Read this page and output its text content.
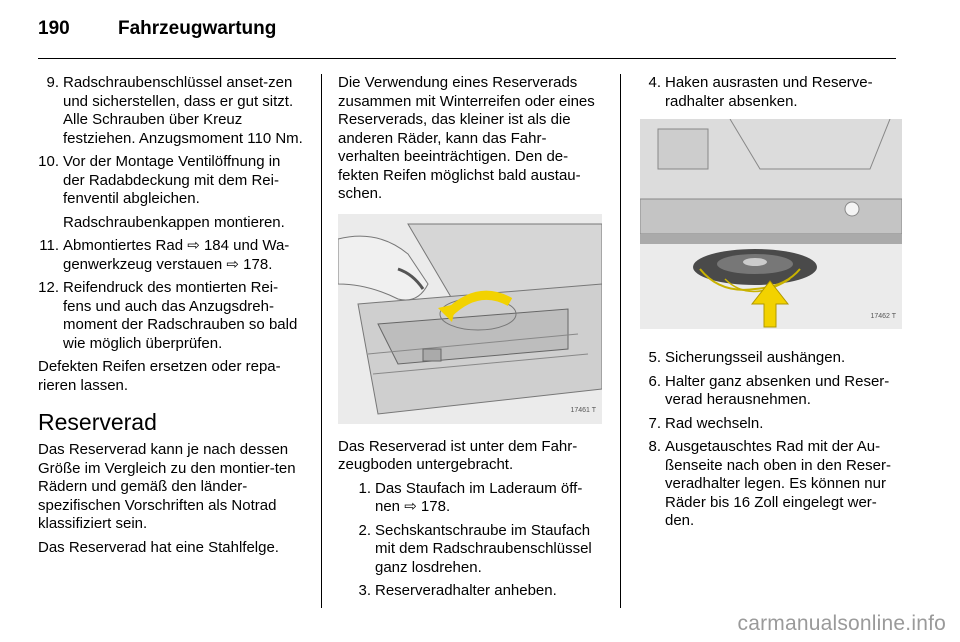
190	Fahrzeugwartung
9. Radschraubenschlüssel anset-zen und sicherstellen, dass er gut sitzt. Alle Schrauben über Kreuz festziehen. Anzugsmoment 110 Nm.
10. Vor der Montage Ventilöffnung in der Radabdeckung mit dem Rei-fenventil abgleichen.
Radschraubenkappen montieren.
11. Abmontiertes Rad ⇨ 184 und Wa-genwerkzeug verstauen ⇨ 178.
12. Reifendruck des montierten Rei-fens und auch das Anzugsdreh-moment der Radschrauben so bald wie möglich überprüfen.
Defekten Reifen ersetzen oder repa-rieren lassen.
Reserverad
Das Reserverad kann je nach dessen Größe im Vergleich zu den montier-ten Rädern und gemäß den länder-spezifischen Vorschriften als Notrad klassifiziert sein.
Das Reserverad hat eine Stahlfelge.
Die Verwendung eines Reserverads zusammen mit Winterreifen oder eines Reserverads, das kleiner ist als die anderen Räder, kann das Fahr-verhalten beeinträchtigen. Den de-fekten Reifen möglichst bald austau-schen.
17461 T
Das Reserverad ist unter dem Fahr-zeugboden untergebracht.
1. Das Staufach im Laderaum öff-nen ⇨ 178.
2. Sechskantschraube im Staufach mit dem Radschraubenschlüssel ganz losdrehen.
3. Reserveradhalter anheben.
4. Haken ausrasten und Reserve-radhalter absenken.
17462 T
5. Sicherungsseil aushängen.
6. Halter ganz absenken und Reser-verad herausnehmen.
7. Rad wechseln.
8. Ausgetauschtes Rad mit der Au-ßenseite nach oben in den Reser-veradhalter legen. Es können nur Räder bis 16 Zoll eingelegt wer-den.
carmanualsonline.info
